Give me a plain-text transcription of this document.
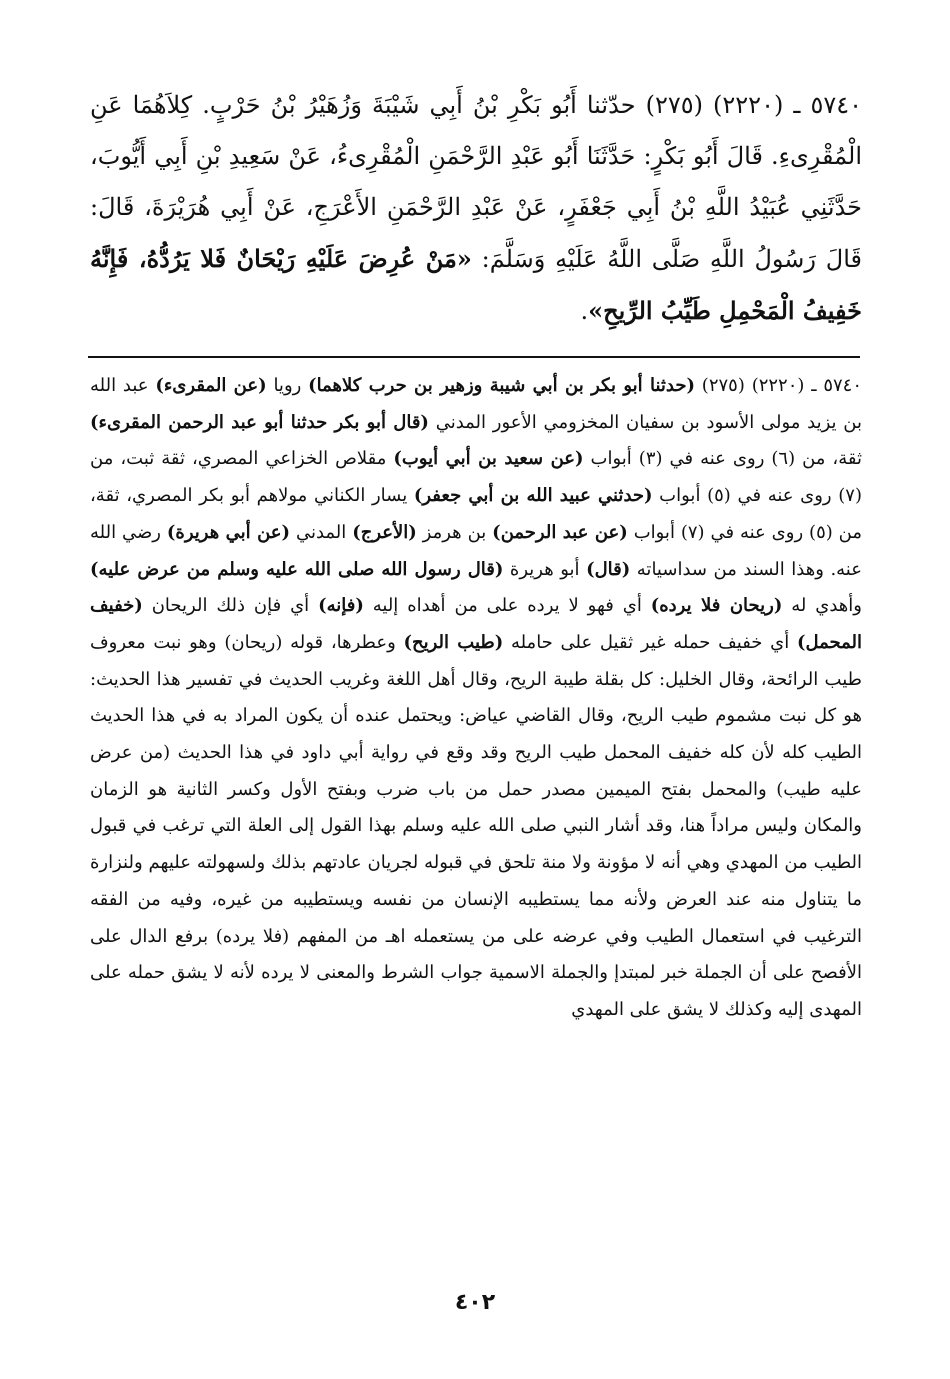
٥٧٤٠ ـ (٢٢٢٠) (٢٧٥) حدّثنا أَبُو بَكْرِ بْنُ أَبِي شَيْبَةَ وَزُهَيْرُ بْنُ حَرْبٍ. كِلاَهُمَا عَنِ الْمُقْرِىءِ. قَالَ أَبُو بَكْرٍ: حَدَّثَنَا أَبُو عَبْدِ الرَّحْمَنِ الْمُقْرِىءُ، عَنْ سَعِيدِ بْنِ أَبِي أَيُّوبَ، حَدَّثَنِي عُبَيْدُ اللَّهِ بْنُ أَبِي جَعْفَرٍ، عَنْ عَبْدِ الرَّحْمَنِ الأَعْرَجِ، عَنْ أَبِي هُرَيْرَةَ، قَالَ: قَالَ رَسُولُ اللَّهِ صَلَّى اللَّهُ عَلَيْهِ وَسَلَّمَ: «مَنْ عُرِضَ عَلَيْهِ رَيْحَانٌ فَلا يَرُدُّهُ، فَإِنَّهُ خَفِيفُ الْمَحْمِلِ طَيِّبُ الرِّيحِ».

٥٧٤٠ ـ (٢٢٢٠) (٢٧٥) (حدثنا أبو بكر بن أبي شيبة وزهير بن حرب كلاهما) رويا (عن المقرىء) عبد الله بن يزيد مولى الأسود بن سفيان المخزومي الأعور المدني (قال أبو بكر حدثنا أبو عبد الرحمن المقرىء) ثقة، من (٦) روى عنه في (٣) أبواب (عن سعيد بن أبي أيوب) مقلاص الخزاعي المصري، ثقة ثبت، من (٧) روى عنه في (٥) أبواب (حدثني عبيد الله بن أبي جعفر) يسار الكناني مولاهم أبو بكر المصري، ثقة، من (٥) روى عنه في (٧) أبواب (عن عبد الرحمن) بن هرمز (الأعرج) المدني (عن أبي هريرة) رضي الله عنه. وهذا السند من سداسياته (قال) أبو هريرة (قال رسول الله صلى الله عليه وسلم من عرض عليه) وأهدي له (ريحان فلا يرده) أي فهو لا يرده على من أهداه إليه (فإنه) أي فإن ذلك الريحان (خفيف المحمل) أي خفيف حمله غير ثقيل على حامله (طيب الريح) وعطرها، قوله (ريحان) وهو نبت معروف طيب الرائحة، وقال الخليل: كل بقلة طيبة الريح، وقال أهل اللغة وغريب الحديث في تفسير هذا الحديث: هو كل نبت مشموم طيب الريح، وقال القاضي عياض: ويحتمل عنده أن يكون المراد به في هذا الحديث الطيب كله لأن كله خفيف المحمل طيب الريح وقد وقع في رواية أبي داود في هذا الحديث (من عرض عليه طيب) والمحمل بفتح الميمين مصدر حمل من باب ضرب وبفتح الأول وكسر الثانية هو الزمان والمكان وليس مراداً هنا، وقد أشار النبي صلى الله عليه وسلم بهذا القول إلى العلة التي ترغب في قبول الطيب من المهدي وهي أنه لا مؤونة ولا منة تلحق في قبوله لجريان عادتهم بذلك ولسهولته عليهم ولنزارة ما يتناول منه عند العرض ولأنه مما يستطيبه الإنسان من نفسه ويستطيبه من غيره، وفيه من الفقه الترغيب في استعمال الطيب وفي عرضه على من يستعمله اهـ من المفهم (فلا يرده) برفع الدال على الأفصح على أن الجملة خبر لمبتدإ والجملة الاسمية جواب الشرط والمعنى لا يرده لأنه لا يشق حمله على المهدى إليه وكذلك لا يشق على المهدي

٤٠٢
